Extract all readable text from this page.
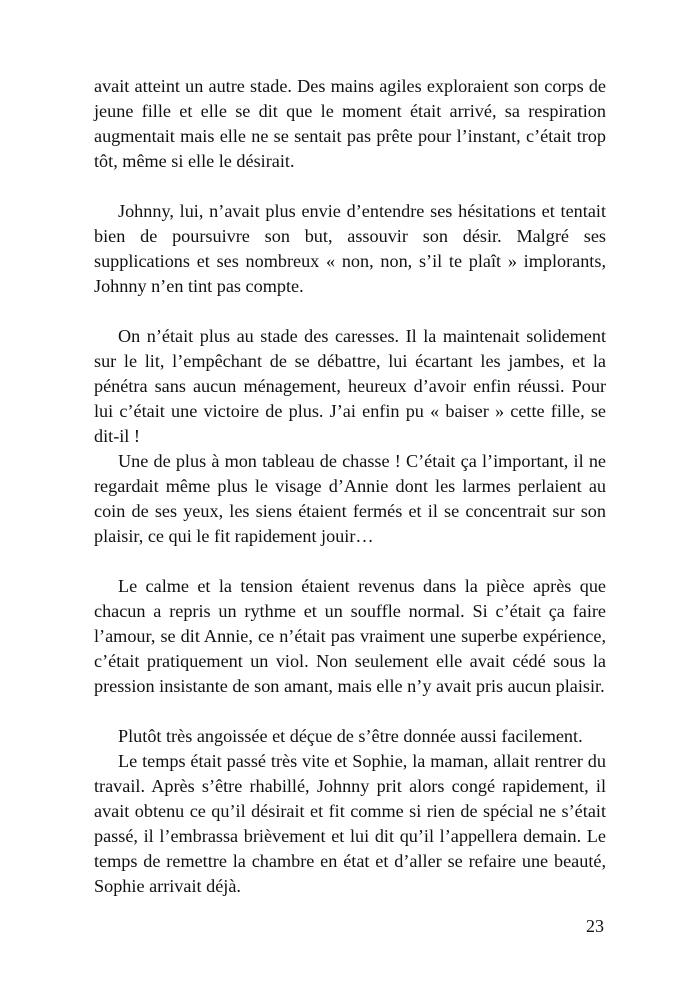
avait atteint un autre stade. Des mains agiles exploraient son corps de jeune fille et elle se dit que le moment était arrivé, sa respiration augmentait mais elle ne se sentait pas prête pour l’instant, c’était trop tôt, même si elle le désirait.

Johnny, lui, n’avait plus envie d’entendre ses hésitations et tentait bien de poursuivre son but, assouvir son désir. Malgré ses supplications et ses nombreux « non, non, s’il te plaît » implorants, Johnny n’en tint pas compte.

On n’était plus au stade des caresses. Il la maintenait solidement sur le lit, l’empêchant de se débattre, lui écartant les jambes, et la pénétra sans aucun ménagement, heureux d’avoir enfin réussi. Pour lui c’était une victoire de plus. J’ai enfin pu « baiser » cette fille, se dit-il !

Une de plus à mon tableau de chasse ! C’était ça l’important, il ne regardait même plus le visage d’Annie dont les larmes perlaient au coin de ses yeux, les siens étaient fermés et il se concentrait sur son plaisir, ce qui le fit rapidement jouir…

Le calme et la tension étaient revenus dans la pièce après que chacun a repris un rythme et un souffle normal. Si c’était ça faire l’amour, se dit Annie, ce n’était pas vraiment une superbe expérience, c’était pratiquement un viol. Non seulement elle avait cédé sous la pression insistante de son amant, mais elle n’y avait pris aucun plaisir.

Plutôt très angoissée et déçue de s’être donnée aussi facilement.

Le temps était passé très vite et Sophie, la maman, allait rentrer du travail. Après s’être rhabillé, Johnny prit alors congé rapidement, il avait obtenu ce qu’il désirait et fit comme si rien de spécial ne s’était passé, il l’embrassa brièvement et lui dit qu’il l’appellera demain. Le temps de remettre la chambre en état et d’aller se refaire une beauté, Sophie arrivait déjà.

23
